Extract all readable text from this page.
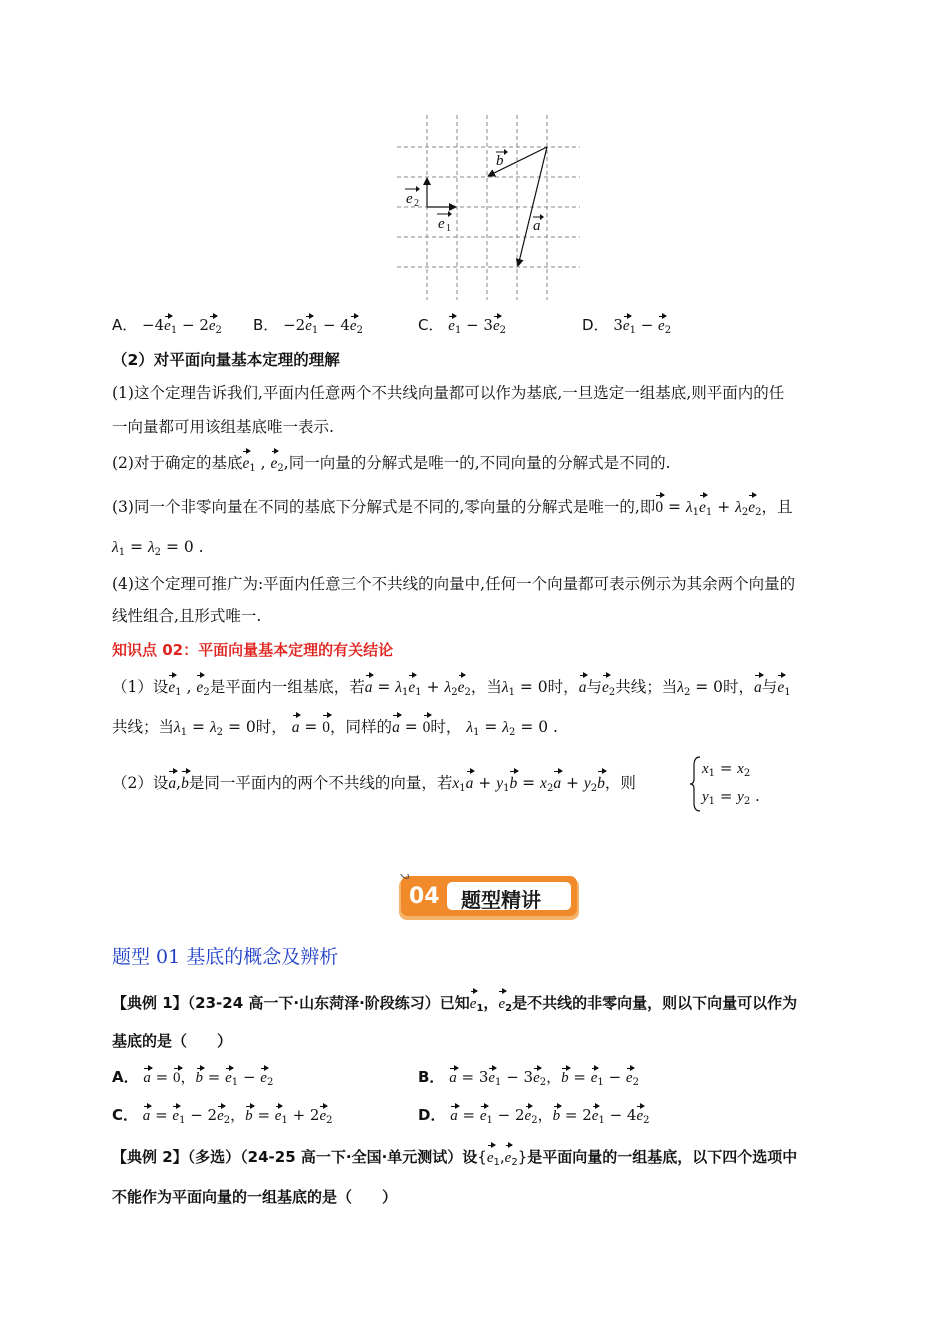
b
a
e 1
e 2
A． $-4e_1 - 2e_2$ B． $-2e_1 - 4e_2$	C． $e_1 - 3e_2$	D． $3e_1 - e_2$
（2）对平面向量基本定理的理解
(1)这个定理告诉我们,平面内任意两个不共线向量都可以作为基底,一旦选定一组基底,则平面内的任
一向量都可用该组基底唯一表示.
(2)对于确定的基底$e_1$ , $e_2$,同一向量的分解式是唯一的,不同向量的分解式是不同的.
(3)同一个非零向量在不同的基底下分解式是不同的,零向量的分解式是唯一的,即$0 = \lambda_1e_1 + \lambda_2e_2$，且
$\lambda_1 = \lambda_2 = 0$ .
(4)这个定理可推广为:平面内任意三个不共线的向量中,任何一个向量都可表示例示为其余两个向量的
线性组合,且形式唯一.
知识点 02：平面向量基本定理的有关结论
（1）设$e_1$ , $e_2$是平面内一组基底，若$a = \lambda_1e_1 + \lambda_2e_2$，当$\lambda_1 = 0$时，a与$e_2$共线；当$\lambda_2 = 0$时，a与$e_1$
共线；当$\lambda_1 = \lambda_2 = 0$时， a = 0，同样的a = 0时， $\lambda_1 = \lambda_2 = 0$ .
（2）设a,b是同一平面内的两个不共线的向量，若$x_1a + y_1b = x_2a + y_2b$，则
$x_1 = x_2$
$y_1 = y_2$ .
04 题型精讲
题型 01 基底的概念及辨析
【典例 1】（23-24 高一下·山东菏泽·阶段练习）已知$e_1$，$e_2$是不共线的非零向量，则以下向量可以作为
基底的是（　　）
A． a = 0，$b = e_1 - e_2$	B． $a = 3e_1 - 3e_2$，$b = e_1 - e_2$
C． $a = e_1 - 2e_2$，$b = e_1 + 2e_2$	D． $a = e_1 - 2e_2$，$b = 2e_1 - 4e_2$
【典例 2】（多选）（24-25 高一下·全国·单元测试）设$\{e_1,e_2\}$是平面向量的一组基底，以下四个选项中
不能作为平面向量的一组基底的是（　　）
